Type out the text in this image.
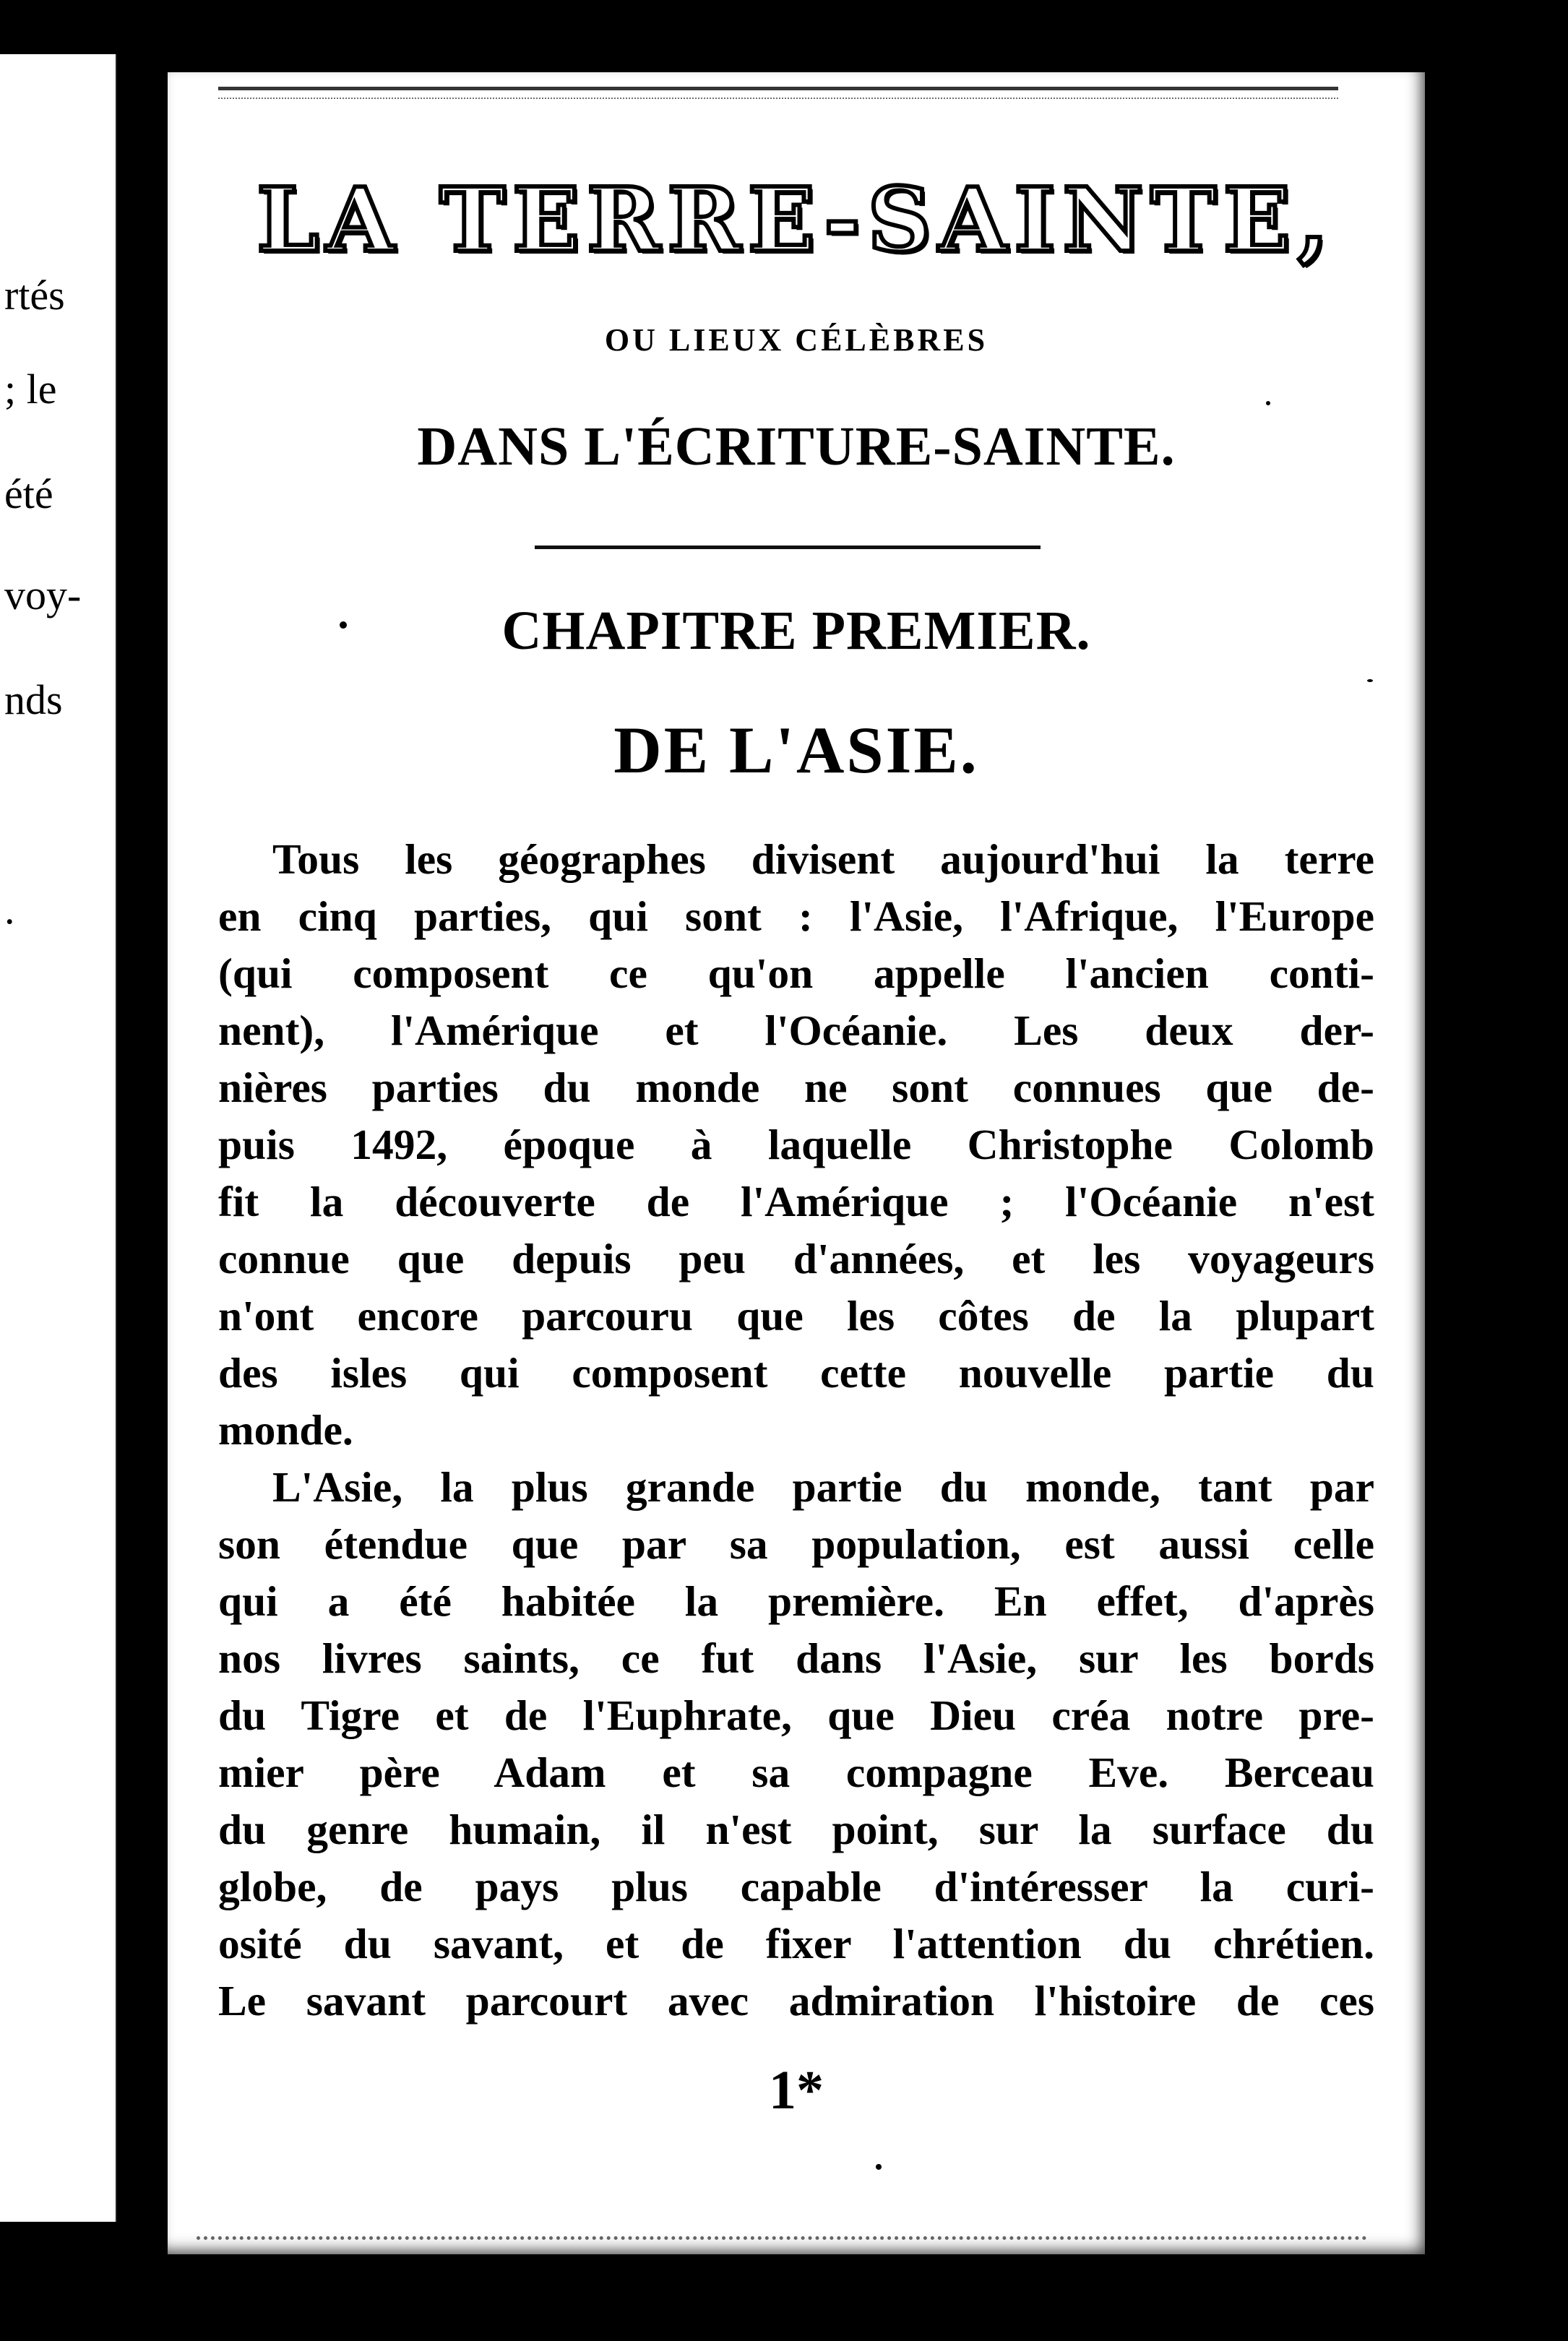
rtés
; le
été
voy-
nds
.
LA TERRE-SAINTE,
OU LIEUX CÉLÈBRES
DANS L'ÉCRITURE-SAINTE.
CHAPITRE PREMIER.
DE L'ASIE.
Tous les géographes divisent aujourd'hui la terre
en cinq parties, qui sont : l'Asie, l'Afrique, l'Europe
(qui composent ce qu'on appelle l'ancien conti-
nent), l'Amérique et l'Océanie. Les deux der-
nières parties du monde ne sont connues que de-
puis 1492, époque à laquelle Christophe Colomb
fit la découverte de l'Amérique ; l'Océanie n'est
connue que depuis peu d'années, et les voyageurs
n'ont encore parcouru que les côtes de la plupart
des isles qui composent cette nouvelle partie du
monde.
L'Asie, la plus grande partie du monde, tant par
son étendue que par sa population, est aussi celle
qui a été habitée la première. En effet, d'après
nos livres saints, ce fut dans l'Asie, sur les bords
du Tigre et de l'Euphrate, que Dieu créa notre pre-
mier père Adam et sa compagne Eve. Berceau
du genre humain, il n'est point, sur la surface du
globe, de pays plus capable d'intéresser la curi-
osité du savant, et de fixer l'attention du chrétien.
Le savant parcourt avec admiration l'histoire de ces
1*
